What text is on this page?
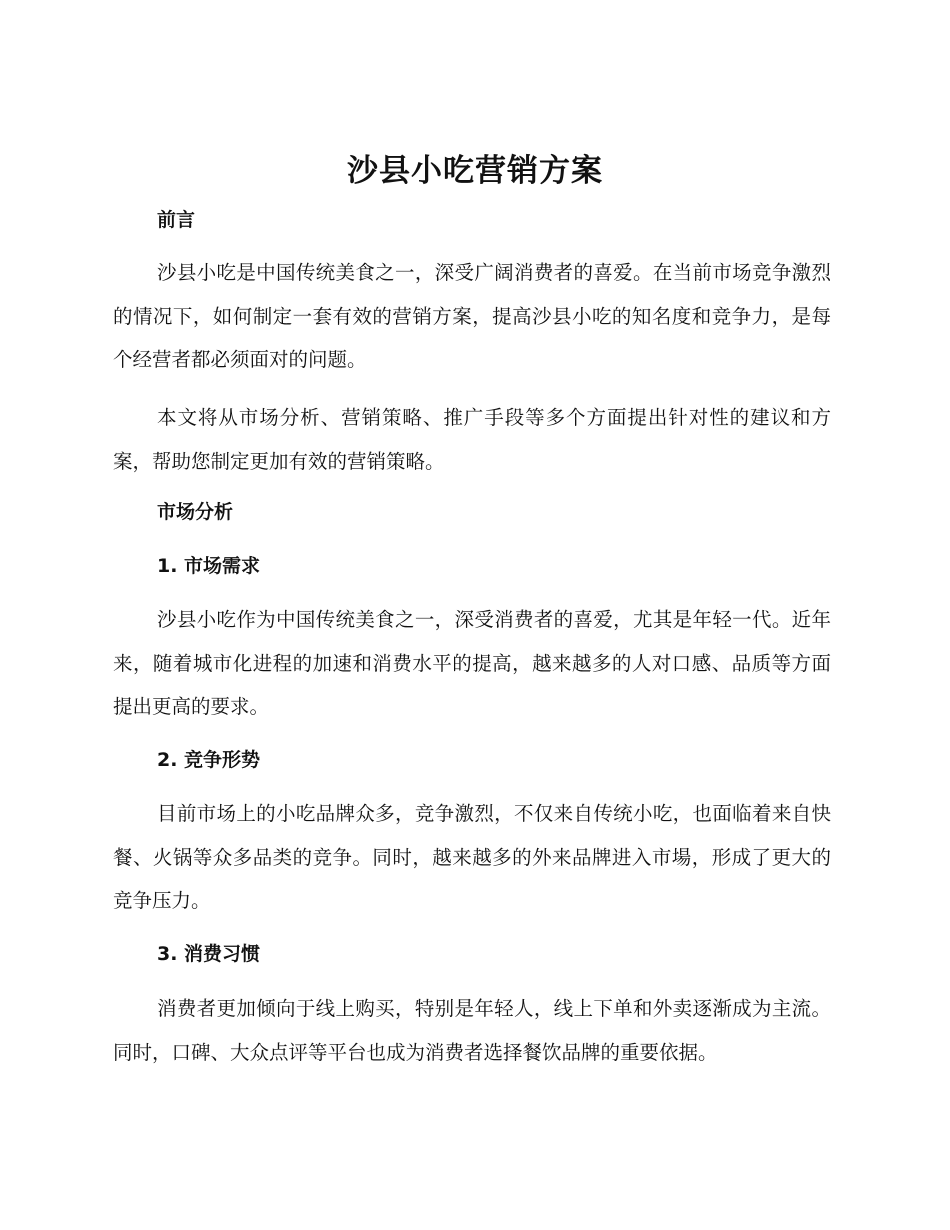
沙县小吃营销方案
前言

沙县小吃是中国传统美食之一，深受广阔消费者的喜爱。在当前市场竞争激烈的情况下，如何制定一套有效的营销方案，提高沙县小吃的知名度和竞争力，是每个经营者都必须面对的问题。

本文将从市场分析、营销策略、推广手段等多个方面提出针对性的建议和方案，帮助您制定更加有效的营销策略。

市场分析
1. 市场需求

沙县小吃作为中国传统美食之一，深受消费者的喜爱，尤其是年轻一代。近年来，随着城市化进程的加速和消费水平的提高，越来越多的人对口感、品质等方面提出更高的要求。

2. 竞争形势

目前市场上的小吃品牌众多，竞争激烈，不仅来自传统小吃，也面临着来自快餐、火锅等众多品类的竞争。同时，越来越多的外来品牌进入市場，形成了更大的竞争压力。

3. 消费习惯

消费者更加倾向于线上购买，特别是年轻人，线上下单和外卖逐渐成为主流。同时，口碑、大众点评等平台也成为消费者选择餐饮品牌的重要依据。
